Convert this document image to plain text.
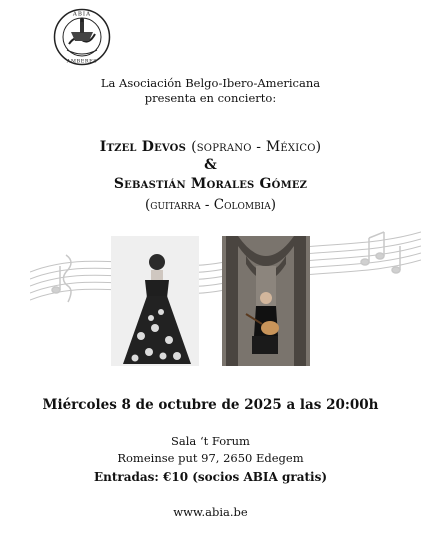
ABIA
AMBERES
La Asociación Belgo-Ibero-Americana
presenta en concierto:
Itzel Devos (soprano - México)
&
Sebastián Morales Gómez
(guitarra - Colombia)
Miércoles 8 de octubre de 2025 a las 20:00h
Sala ‘t Forum
Romeinse put 97, 2650 Edegem
Entradas: €10 (socios ABIA gratis)
www.abia.be
